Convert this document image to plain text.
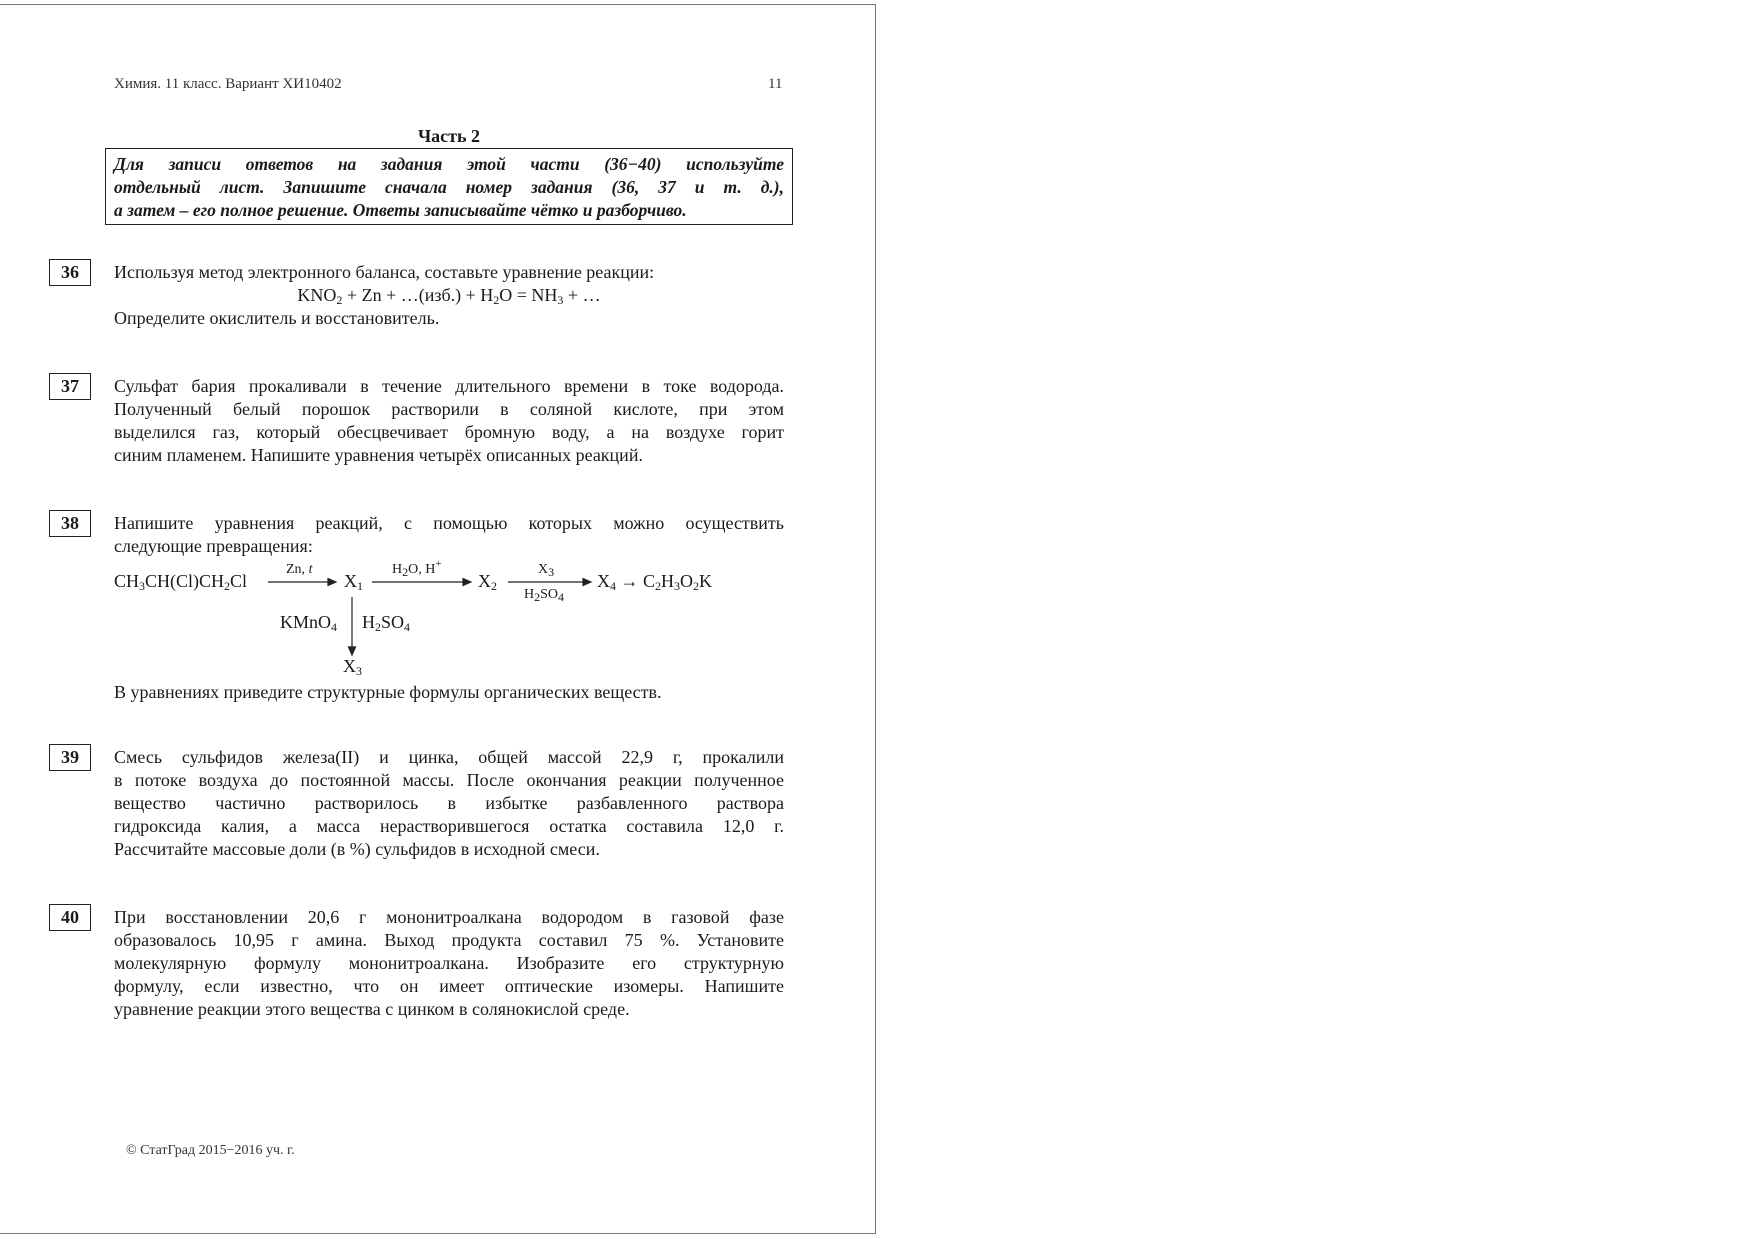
Химия. 11 класс. Вариант ХИ10402	11
Часть 2
Для записи ответов на задания этой части (36−40) используйте
отдельный лист. Запишите сначала номер задания (36, 37 и т. д.),
а затем – его полное решение. Ответы записывайте чётко и разборчиво.
36	Используя метод электронного баланса, составьте уравнение реакции:
$KNO_2 + Zn$ + …(изб.) + $H_2O = NH_3$ + …
Определите окислитель и восстановитель.
37	Сульфат бария прокаливали в течение длительного времени в токе водорода.
Полученный белый порошок растворили в соляной кислоте, при этом
выделился газ, который обесцвечивает бромную воду, а на воздухе горит
синим пламенем. Напишите уравнения четырёх описанных реакций.
38	Напишите уравнения реакций, с помощью которых можно осуществить
следующие превращения:
$CH_3CH(Cl)CH_2Cl$
Zn, t
$X_1$
$H_2O$, H+
$X_2$
$X_3$
$H_2SO_4$
$X_4 \to C_2H_3O_2K$
KMnO$_4$ $H_2SO_4$
$X_3$
В уравнениях приведите структурные формулы органических веществ.
39	Смесь сульфидов железа(II) и цинка, общей массой 22,9 г, прокалили
в потоке воздуха до постоянной массы. После окончания реакции полученное
вещество частично растворилось в избытке разбавленного раствора
гидроксида калия, а масса нерастворившегося остатка составила 12,0 г.
Рассчитайте массовые доли (в %) сульфидов в исходной смеси.
40	При восстановлении 20,6 г мононитроалкана водородом в газовой фазе
образовалось 10,95 г амина. Выход продукта составил 75 %. Установите
молекулярную формулу мононитроалкана. Изобразите его структурную
формулу, если известно, что он имеет оптические изомеры. Напишите
уравнение реакции этого вещества с цинком в солянокислой среде.
© СтатГрад 2015−2016 уч. г.
